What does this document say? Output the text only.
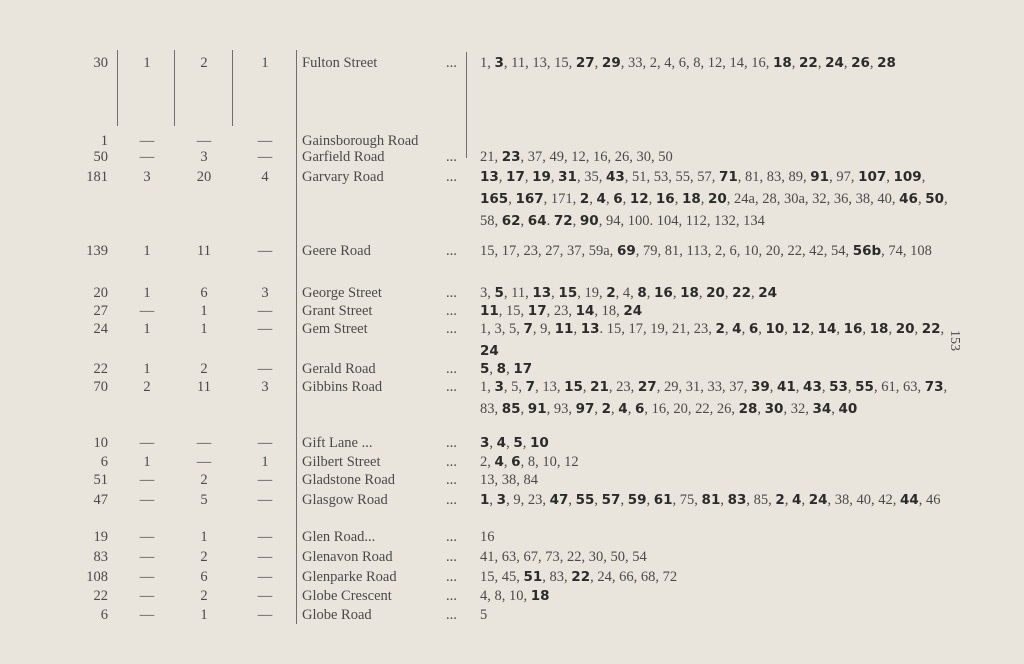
30	1	2	1	Fulton Street	... 1, 3, 11, 13, 15, 27, 29, 33, 2, 4, 6, 8, 12, 14, 16, 18, 22, 24, 26, 28
1	—	—	—	Gainsborough Road
50	—	3	—	Garfield Road	... 21, 23, 37, 49, 12, 16, 26, 30, 50
181	3	20	4	Garvary Road	... 13, 17, 19, 31, 35, 43, 51, 53, 55, 57, 71, 81, 83, 89, 91, 97, 107, 109, 165, 167, 171, 2, 4, 6, 12, 16, 18, 20, 24a, 28, 30a, 32, 36, 38, 40, 46, 50, 58, 62, 64. 72, 90, 94, 100. 104, 112, 132, 134
139	1	11	—	Geere Road	... 15, 17, 23, 27, 37, 59a, 69, 79, 81, 113, 2, 6, 10, 20, 22, 42, 54, 56b, 74, 108
20	1	6	3	George Street	... 3, 5, 11, 13, 15, 19, 2, 4, 8, 16, 18, 20, 22, 24
27	—	1	—	Grant Street	... 11, 15, 17, 23, 14, 18, 24
24	1	1	—	Gem Street	... 1, 3, 5, 7, 9, 11, 13. 15, 17, 19, 21, 23, 2, 4, 6, 10, 12, 14, 16, 18, 20, 22, 24
22	1	2	—	Gerald Road	... 5, 8, 17
70	2	11	3	Gibbins Road	... 1, 3, 5, 7, 13, 15, 21, 23, 27, 29, 31, 33, 37, 39, 41, 43, 53, 55, 61, 63, 73, 83, 85, 91, 93, 97, 2, 4, 6, 16, 20, 22, 26, 28, 30, 32, 34, 40
10	—	—	—	Gift Lane ...	... 3, 4, 5, 10
6	1	—	1	Gilbert Street	... 2, 4, 6, 8, 10, 12
51	—	2	—	Gladstone Road	... 13, 38, 84
47	—	5	—	Glasgow Road	... 1, 3, 9, 23, 47, 55, 57, 59, 61, 75, 81, 83, 85, 2, 4, 24, 38, 40, 42, 44, 46
19	—	1	—	Glen Road...	... 16
83	—	2	—	Glenavon Road	... 41, 63, 67, 73, 22, 30, 50, 54
108	—	6	—	Glenparke Road	... 15, 45, 51, 83, 22, 24, 66, 68, 72
22	—	2	—	Globe Crescent	... 4, 8, 10, 18
6	—	1	—	Globe Road	... 5
153
